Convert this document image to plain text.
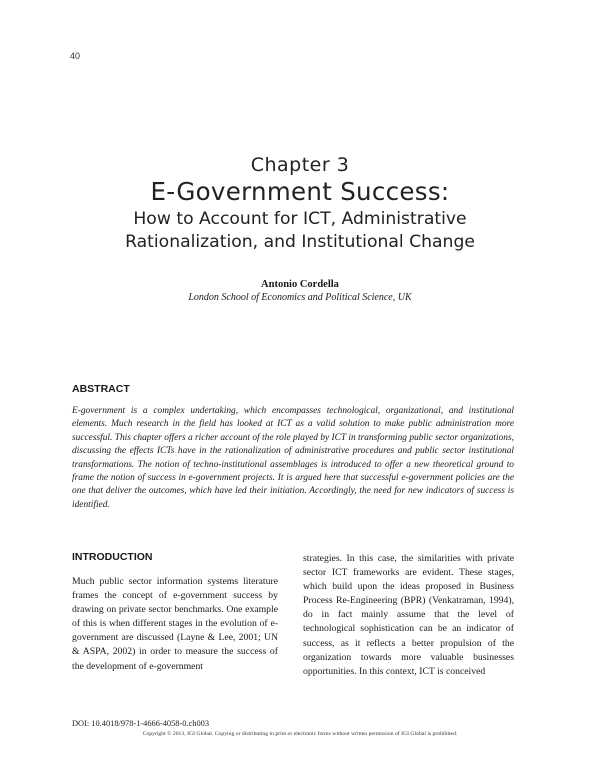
40
Chapter 3
E-Government Success:
How to Account for ICT, Administrative
Rationalization, and Institutional Change
Antonio Cordella
London School of Economics and Political Science, UK
ABSTRACT
E-government is a complex undertaking, which encompasses technological, organizational, and institutional elements. Much research in the field has looked at ICT as a valid solution to make public administration more successful. This chapter offers a richer account of the role played by ICT in transforming public sector organizations, discussing the effects ICTs have in the rationalization of administrative procedures and public sector institutional transformations. The notion of techno-institutional assemblages is introduced to offer a new theoretical ground to frame the notion of success in e-government projects. It is argued here that successful e-government policies are the one that deliver the outcomes, which have led their initiation. Accordingly, the need for new indicators of success is identified.
INTRODUCTION
Much public sector information systems literature frames the concept of e-government success by drawing on private sector benchmarks. One example of this is when different stages in the evolution of e-government are discussed (Layne & Lee, 2001; UN & ASPA, 2002) in order to measure the success of the development of e-government
strategies. In this case, the similarities with private sector ICT frameworks are evident. These stages, which build upon the ideas proposed in Business Process Re-Engineering (BPR) (Venkatraman, 1994), do in fact mainly assume that the level of technological sophistication can be an indicator of success, as it reflects a better propulsion of the organization towards more valuable businesses opportunities. In this context, ICT is conceived
DOI: 10.4018/978-1-4666-4058-0.ch003
Copyright © 2013, IGI Global. Copying or distributing in print or electronic forms without written permission of IGI Global is prohibited.
